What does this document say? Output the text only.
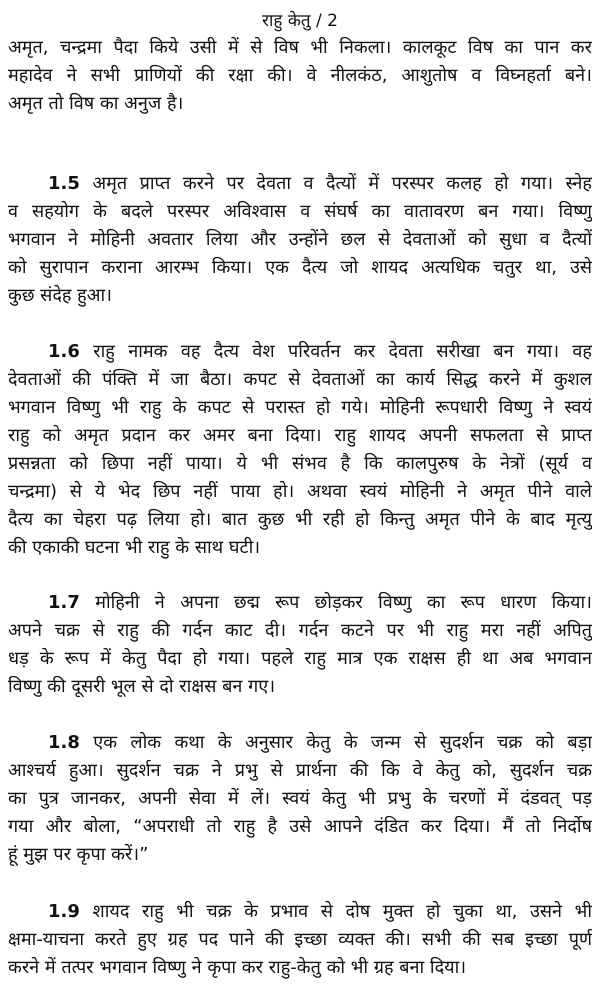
राहु केतु / 2
अमृत, चन्द्रमा पैदा किये उसी में से विष भी निकला। कालकूट विष का पान कर
महादेव ने सभी प्राणियों की रक्षा की। वे नीलकंठ, आशुतोष व विघ्नहर्ता बने।
अमृत तो विष का अनुज है।
1.5 अमृत प्राप्त करने पर देवता व दैत्यों में परस्पर कलह हो गया। स्नेह
व सहयोग के बदले परस्पर अविश्वास व संघर्ष का वातावरण बन गया। विष्णु
भगवान ने मोहिनी अवतार लिया और उन्होंने छल से देवताओं को सुधा व दैत्यों
को सुरापान कराना आरम्भ किया। एक दैत्य जो शायद अत्यधिक चतुर था, उसे
कुछ संदेह हुआ।
1.6 राहु नामक वह दैत्य वेश परिवर्तन कर देवता सरीखा बन गया। वह
देवताओं की पंक्ति में जा बैठा। कपट से देवताओं का कार्य सिद्ध करने में कुशल
भगवान विष्णु भी राहु के कपट से परास्त हो गये। मोहिनी रूपधारी विष्णु ने स्वयं
राहु को अमृत प्रदान कर अमर बना दिया। राहु शायद अपनी सफलता से प्राप्त
प्रसन्नता को छिपा नहीं पाया। ये भी संभव है कि कालपुरुष के नेत्रों (सूर्य व
चन्द्रमा) से ये भेद छिप नहीं पाया हो। अथवा स्वयं मोहिनी ने अमृत पीने वाले
दैत्य का चेहरा पढ़ लिया हो। बात कुछ भी रही हो किन्तु अमृत पीने के बाद मृत्यु
की एकाकी घटना भी राहु के साथ घटी।
1.7 मोहिनी ने अपना छद्म रूप छोड़कर विष्णु का रूप धारण किया।
अपने चक्र से राहु की गर्दन काट दी। गर्दन कटने पर भी राहु मरा नहीं अपितु
धड़ के रूप में केतु पैदा हो गया। पहले राहु मात्र एक राक्षस ही था अब भगवान
विष्णु की दूसरी भूल से दो राक्षस बन गए।
1.8 एक लोक कथा के अनुसार केतु के जन्म से सुदर्शन चक्र को बड़ा
आश्चर्य हुआ। सुदर्शन चक्र ने प्रभु से प्रार्थना की कि वे केतु को, सुदर्शन चक्र
का पुत्र जानकर, अपनी सेवा में लें। स्वयं केतु भी प्रभु के चरणों में दंडवत् पड़
गया और बोला, “अपराधी तो राहु है उसे आपने दंडित कर दिया। मैं तो निर्दोष
हूं मुझ पर कृपा करें।”
1.9 शायद राहु भी चक्र के प्रभाव से दोष मुक्त हो चुका था, उसने भी
क्षमा-याचना करते हुए ग्रह पद पाने की इच्छा व्यक्त की। सभी की सब इच्छा पूर्ण
करने में तत्पर भगवान विष्णु ने कृपा कर राहु-केतु को भी ग्रह बना दिया।
